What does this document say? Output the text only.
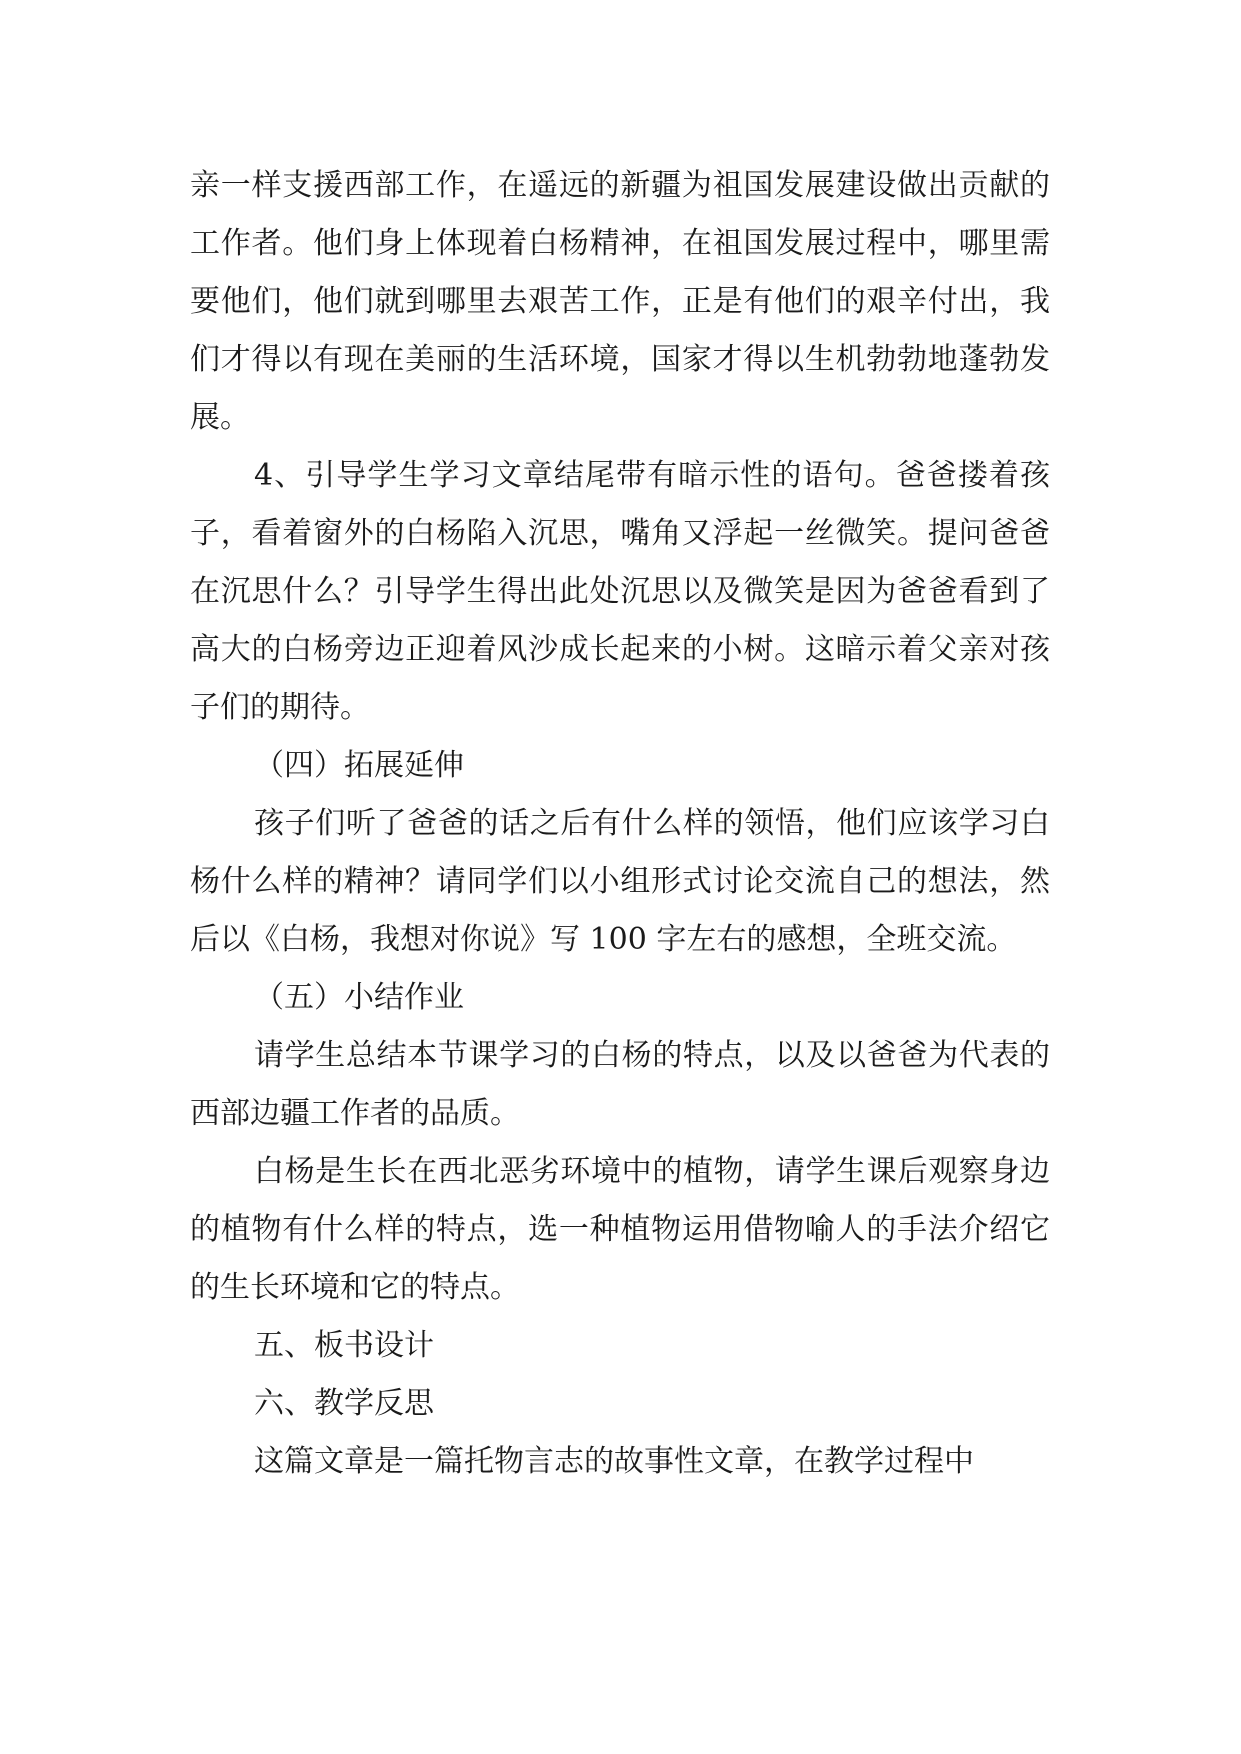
亲一样支援西部工作，在遥远的新疆为祖国发展建设做出贡献的工作者。他们身上体现着白杨精神，在祖国发展过程中，哪里需要他们，他们就到哪里去艰苦工作，正是有他们的艰辛付出，我们才得以有现在美丽的生活环境，国家才得以生机勃勃地蓬勃发展。

4、引导学生学习文章结尾带有暗示性的语句。爸爸搂着孩子，看着窗外的白杨陷入沉思，嘴角又浮起一丝微笑。提问爸爸在沉思什么？引导学生得出此处沉思以及微笑是因为爸爸看到了高大的白杨旁边正迎着风沙成长起来的小树。这暗示着父亲对孩子们的期待。

（四）拓展延伸

孩子们听了爸爸的话之后有什么样的领悟，他们应该学习白杨什么样的精神？请同学们以小组形式讨论交流自己的想法，然后以《白杨，我想对你说》写 100 字左右的感想，全班交流。

（五）小结作业

请学生总结本节课学习的白杨的特点，以及以爸爸为代表的西部边疆工作者的品质。

白杨是生长在西北恶劣环境中的植物，请学生课后观察身边的植物有什么样的特点，选一种植物运用借物喻人的手法介绍它的生长环境和它的特点。

五、板书设计

六、教学反思

这篇文章是一篇托物言志的故事性文章，在教学过程中
